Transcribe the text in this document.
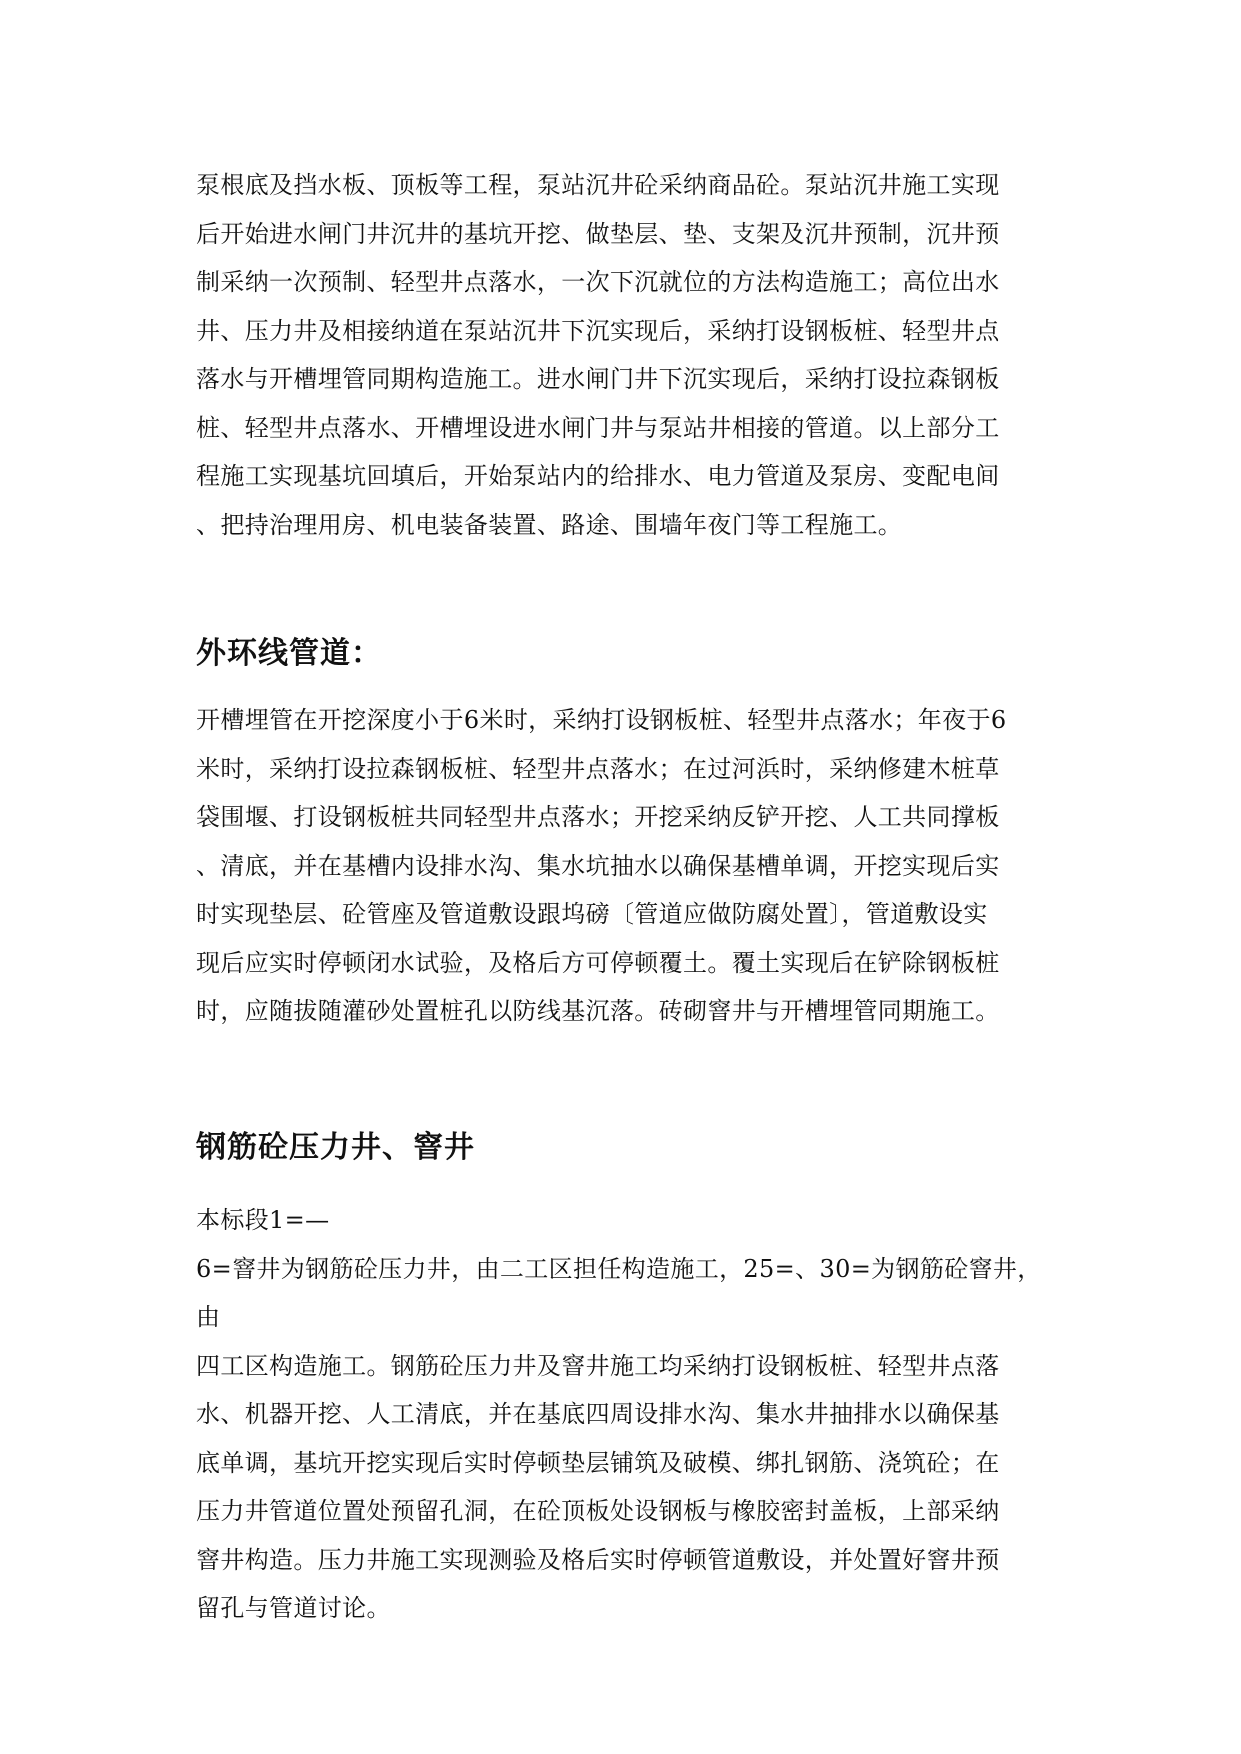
泵根底及挡水板、顶板等工程，泵站沉井砼采纳商品砼。泵站沉井施工实现
后开始进水闸门井沉井的基坑开挖、做垫层、垫、支架及沉井预制，沉井预
制采纳一次预制、轻型井点落水，一次下沉就位的方法构造施工；高位出水
井、压力井及相接纳道在泵站沉井下沉实现后，采纳打设钢板桩、轻型井点
落水与开槽埋管同期构造施工。进水闸门井下沉实现后，采纳打设拉森钢板
桩、轻型井点落水、开槽埋设进水闸门井与泵站井相接的管道。以上部分工
程施工实现基坑回填后，开始泵站内的给排水、电力管道及泵房、变配电间
、把持治理用房、机电装备装置、路途、围墙年夜门等工程施工。

外环线管道：

开槽埋管在开挖深度小于6米时，采纳打设钢板桩、轻型井点落水；年夜于6
米时，采纳打设拉森钢板桩、轻型井点落水；在过河浜时，采纳修建木桩草
袋围堰、打设钢板桩共同轻型井点落水；开挖采纳反铲开挖、人工共同撑板
、清底，并在基槽内设排水沟、集水坑抽水以确保基槽单调，开挖实现后实
时实现垫层、砼管座及管道敷设跟坞磅〔管道应做防腐处置〕，管道敷设实
现后应实时停顿闭水试验，及格后方可停顿覆土。覆土实现后在铲除钢板桩
时，应随拔随灌砂处置桩孔以防线基沉落。砖砌窨井与开槽埋管同期施工。

钢筋砼压力井、窨井

本标段1=—
6=窨井为钢筋砼压力井，由二工区担任构造施工，25=、30=为钢筋砼窨井，由
四工区构造施工。钢筋砼压力井及窨井施工均采纳打设钢板桩、轻型井点落
水、机器开挖、人工清底，并在基底四周设排水沟、集水井抽排水以确保基
底单调，基坑开挖实现后实时停顿垫层铺筑及破模、绑扎钢筋、浇筑砼；在
压力井管道位置处预留孔洞，在砼顶板处设钢板与橡胶密封盖板，上部采纳
窨井构造。压力井施工实现测验及格后实时停顿管道敷设，并处置好窨井预
留孔与管道讨论。
